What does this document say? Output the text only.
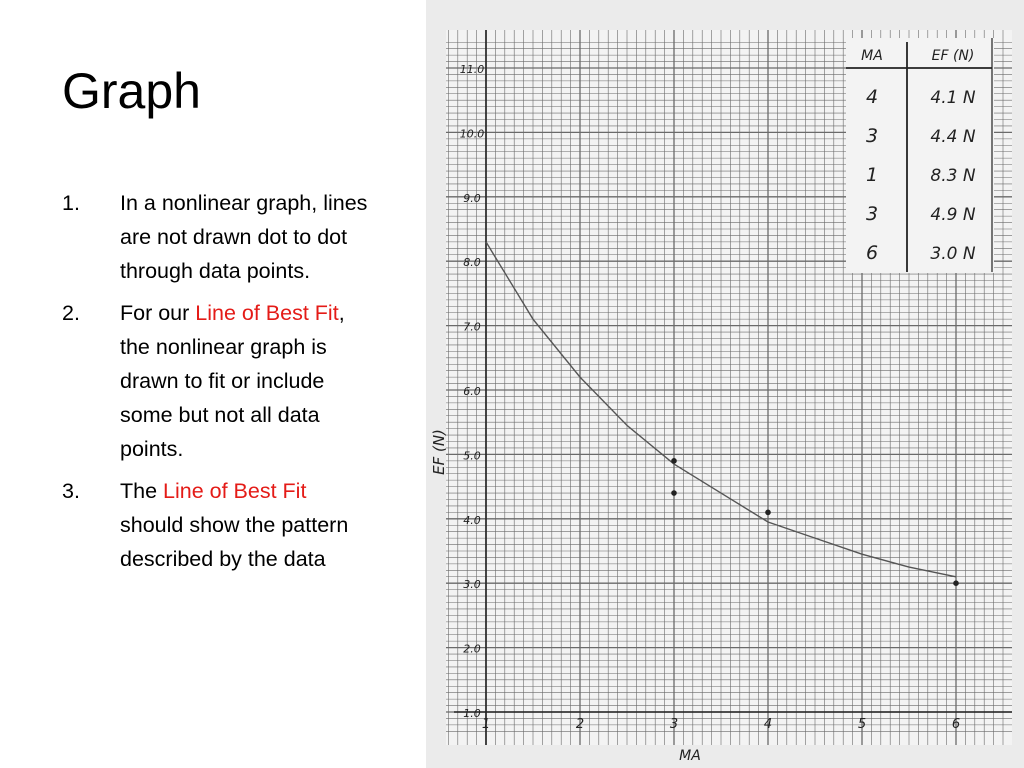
Graph
1.	In a nonlinear graph, lines are not drawn dot to dot through data points.
2.	For our Line of Best Fit, the nonlinear graph is drawn to fit or include some but not all data points.
3.	The Line of Best Fit should show the pattern described by the data
1.0
2.0
3.0
4.0
5.0
6.0
7.0
8.0
9.0
10.0
11.0
1	2	3	4	5	6
EF (N)
MA
MA	EF (N)
4	4.1 N
3	4.4 N
1	8.3 N
3	4.9 N
6	3.0 N
